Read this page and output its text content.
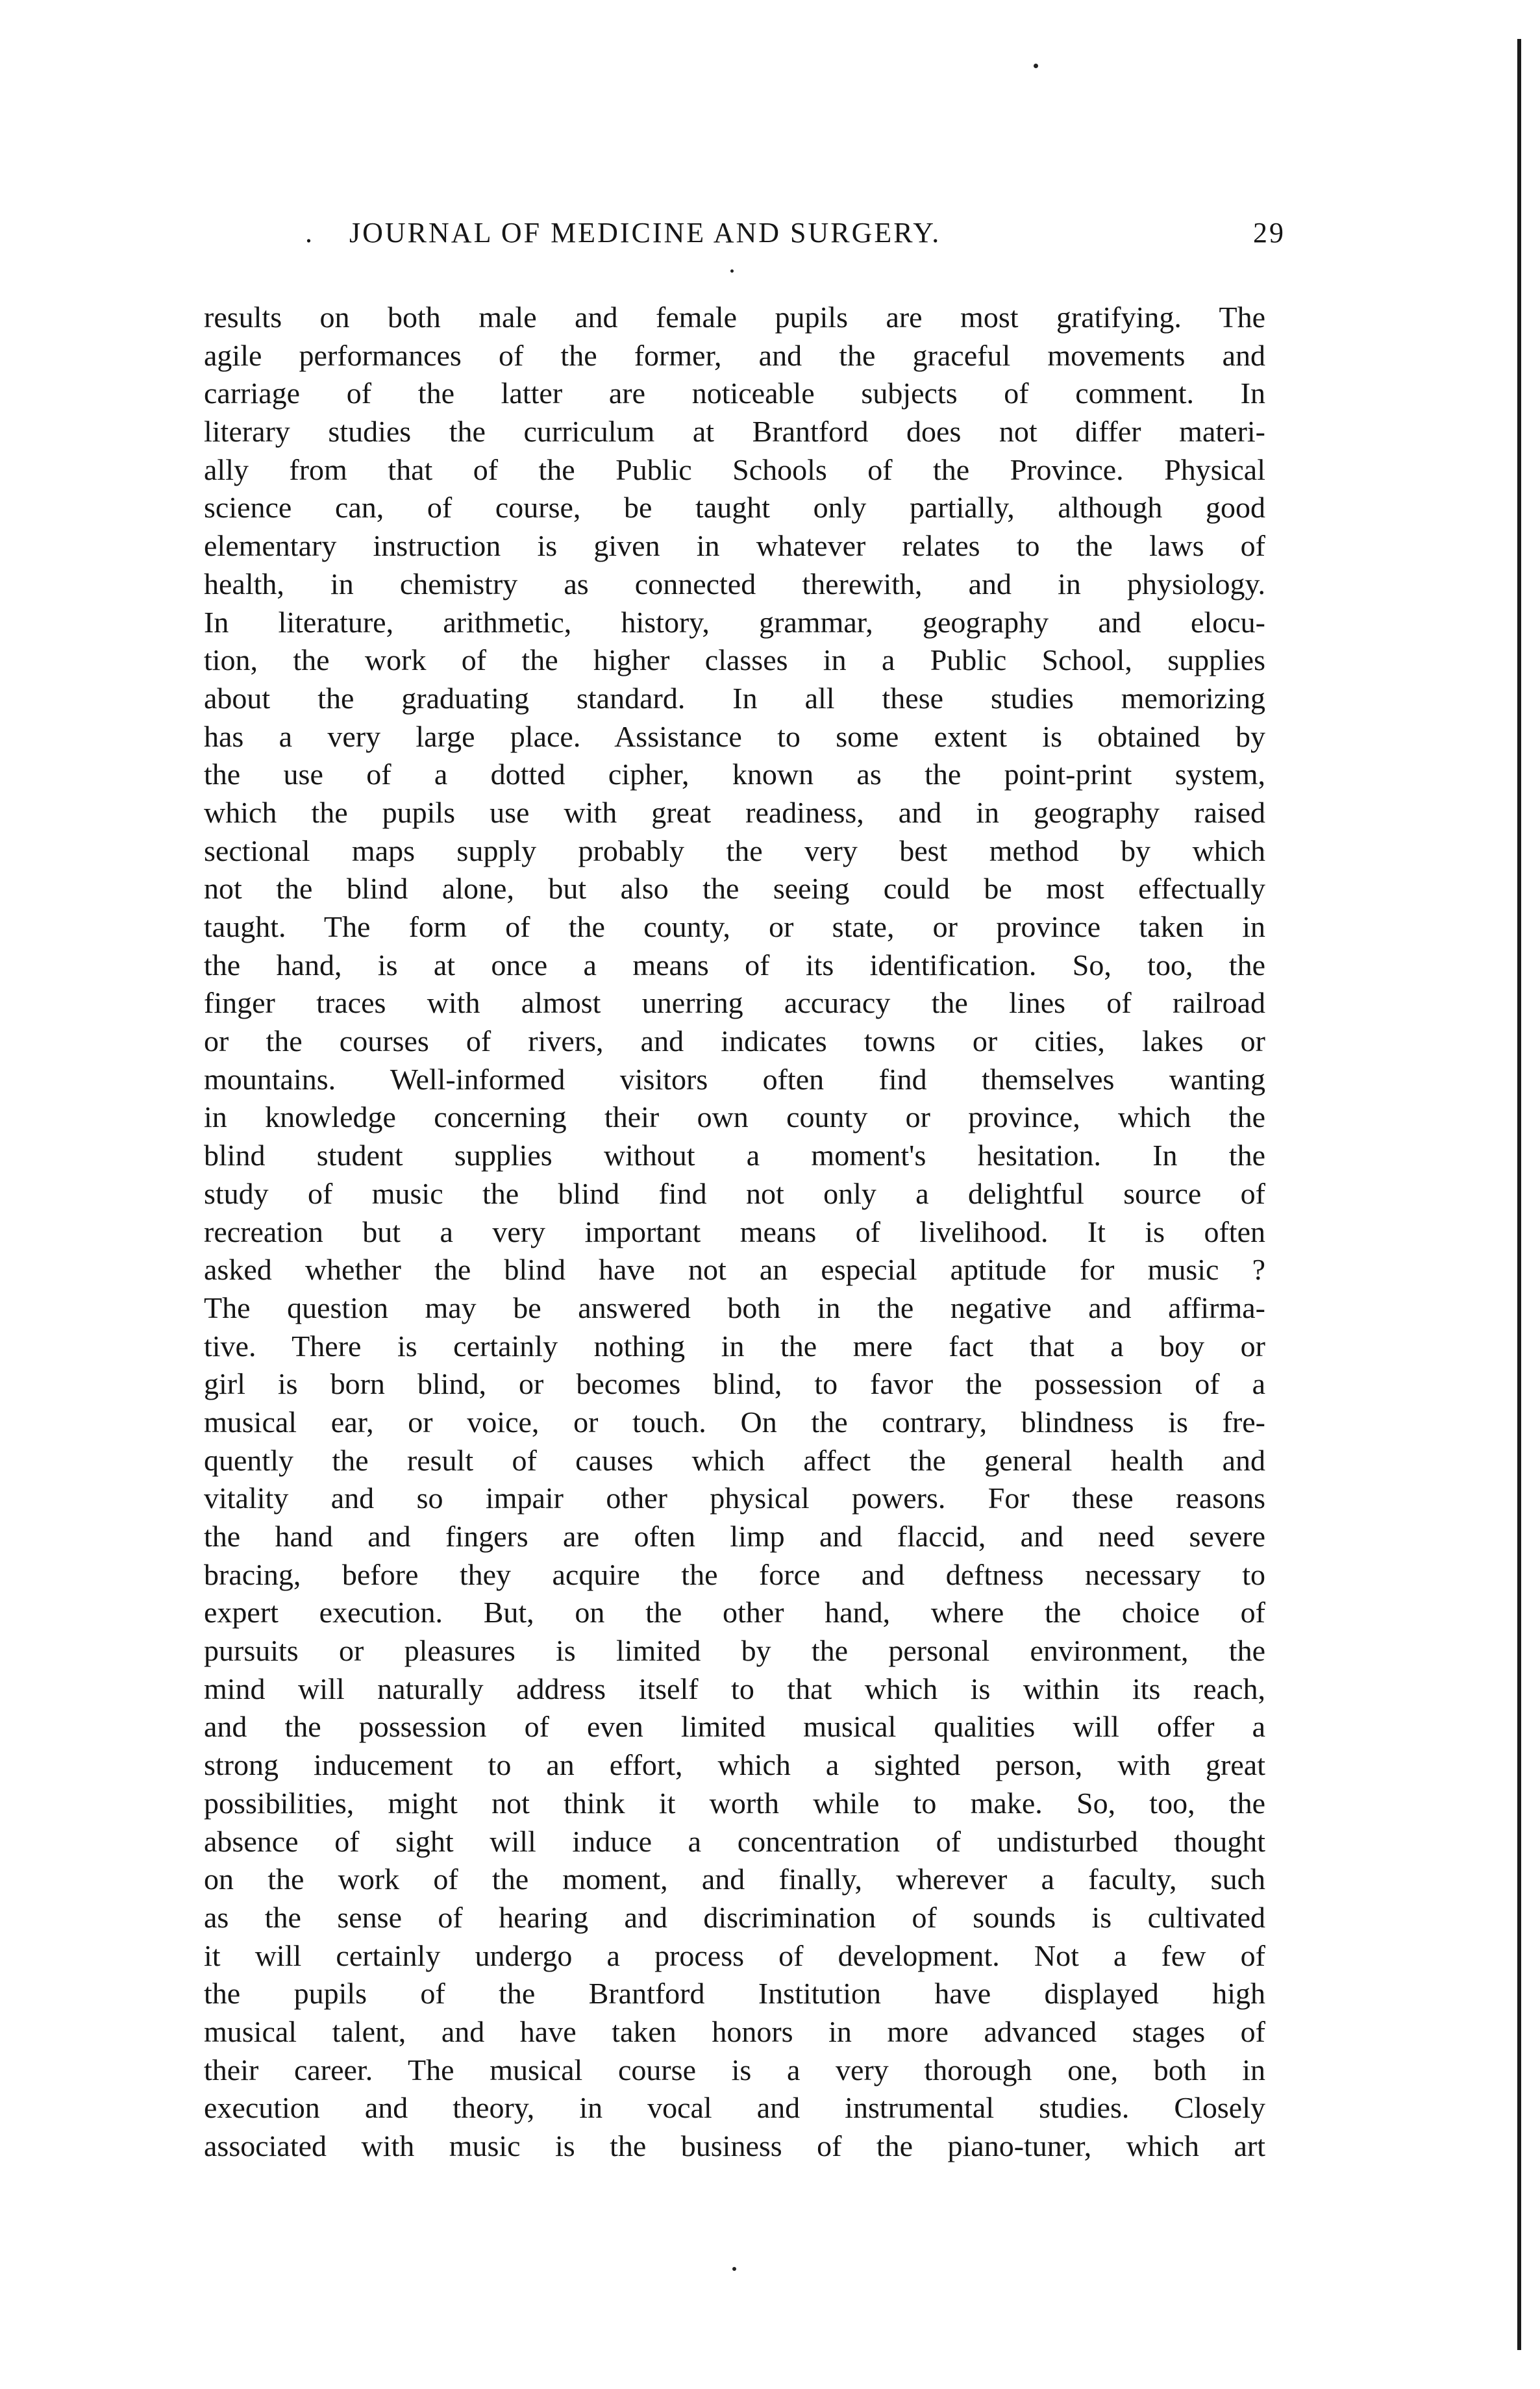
. JOURNAL OF MEDICINE AND SURGERY.	29
results on both male and female pupils are most gratifying. The
agile performances of the former, and the graceful movements and
carriage of the latter are noticeable subjects of comment. In
literary studies the curriculum at Brantford does not differ materi-
ally from that of the Public Schools of the Province. Physical
science can, of course, be taught only partially, although good
elementary instruction is given in whatever relates to the laws of
health, in chemistry as connected therewith, and in physiology.
In literature, arithmetic, history, grammar, geography and elocu-
tion, the work of the higher classes in a Public School, supplies
about the graduating standard. In all these studies memorizing
has a very large place. Assistance to some extent is obtained by
the use of a dotted cipher, known as the point-print system,
which the pupils use with great readiness, and in geography raised
sectional maps supply probably the very best method by which
not the blind alone, but also the seeing could be most effectually
taught. The form of the county, or state, or province taken in
the hand, is at once a means of its identification. So, too, the
finger traces with almost unerring accuracy the lines of railroad
or the courses of rivers, and indicates towns or cities, lakes or
mountains. Well-informed visitors often find themselves wanting
in knowledge concerning their own county or province, which the
blind student supplies without a moment's hesitation. In the
study of music the blind find not only a delightful source of
recreation but a very important means of livelihood. It is often
asked whether the blind have not an especial aptitude for music ?
The question may be answered both in the negative and affirma-
tive. There is certainly nothing in the mere fact that a boy or
girl is born blind, or becomes blind, to favor the possession of a
musical ear, or voice, or touch. On the contrary, blindness is fre-
quently the result of causes which affect the general health and
vitality and so impair other physical powers. For these reasons
the hand and fingers are often limp and flaccid, and need severe
bracing, before they acquire the force and deftness necessary to
expert execution. But, on the other hand, where the choice of
pursuits or pleasures is limited by the personal environment, the
mind will naturally address itself to that which is within its reach,
and the possession of even limited musical qualities will offer a
strong inducement to an effort, which a sighted person, with great
possibilities, might not think it worth while to make. So, too, the
absence of sight will induce a concentration of undisturbed thought
on the work of the moment, and finally, wherever a faculty, such
as the sense of hearing and discrimination of sounds is cultivated
it will certainly undergo a process of development. Not a few of
the pupils of the Brantford Institution have displayed high
musical talent, and have taken honors in more advanced stages of
their career. The musical course is a very thorough one, both in
execution and theory, in vocal and instrumental studies. Closely
associated with music is the business of the piano-tuner, which art
